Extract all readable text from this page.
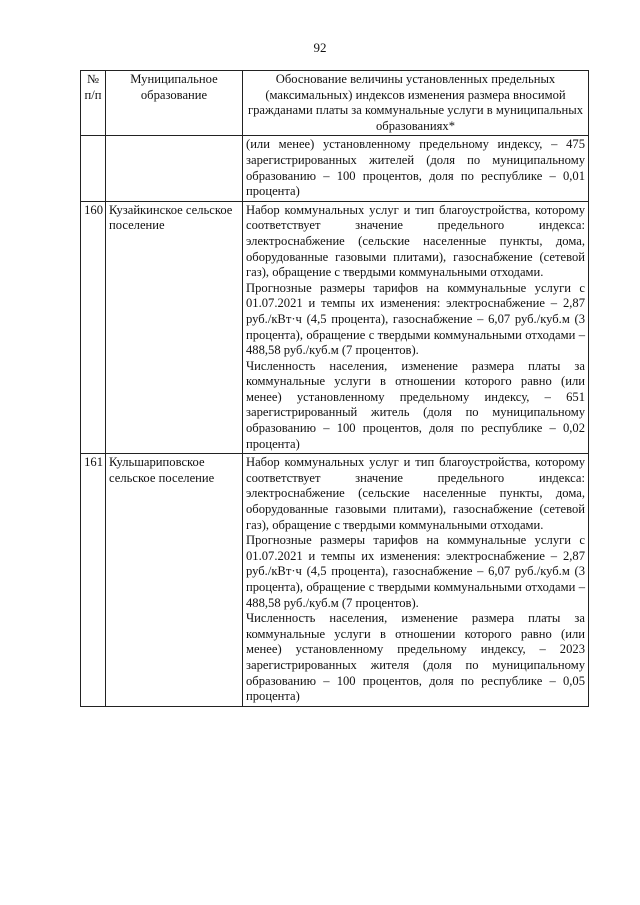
92
№ п/п	Муниципальное образование	Обоснование величины установленных предельных (максимальных) индексов изменения размера вносимой гражданами платы за коммунальные услуги в муниципальных образованиях*

		(или менее) установленному предельному индексу, – 475 зарегистрированных жителей (доля по муниципальному образованию – 100 процентов, доля по республике – 0,01 процента)

160	Кузайкинское сельское поселение	Набор коммунальных услуг и тип благоустройства, которому соответствует значение предельного индекса: электроснабжение (сельские населенные пункты, дома, оборудованные газовыми плитами), газоснабжение (сетевой газ), обращение с твердыми коммунальными отходами.

Прогнозные размеры тарифов на коммунальные услуги с 01.07.2021 и темпы их изменения: электроснабжение – 2,87 руб./кВт·ч (4,5 процента), газоснабжение – 6,07 руб./куб.м (3 процента), обращение с твердыми коммунальными отходами – 488,58 руб./куб.м (7 процентов).

Численность населения, изменение размера платы за коммунальные услуги в отношении которого равно (или менее) установленному предельному индексу, – 651 зарегистрированный житель (доля по муниципальному образованию – 100 процентов, доля по республике – 0,02 процента)

161	Кульшариповское сельское поселение	Набор коммунальных услуг и тип благоустройства, которому соответствует значение предельного индекса: электроснабжение (сельские населенные пункты, дома, оборудованные газовыми плитами), газоснабжение (сетевой газ), обращение с твердыми коммунальными отходами.

Прогнозные размеры тарифов на коммунальные услуги с 01.07.2021 и темпы их изменения: электроснабжение – 2,87 руб./кВт·ч (4,5 процента), газоснабжение – 6,07 руб./куб.м (3 процента), обращение с твердыми коммунальными отходами – 488,58 руб./куб.м (7 процентов).

Численность населения, изменение размера платы за коммунальные услуги в отношении которого равно (или менее) установленному предельному индексу, – 2023 зарегистрированных жителя (доля по муниципальному образованию – 100 процентов, доля по республике – 0,05 процента)
